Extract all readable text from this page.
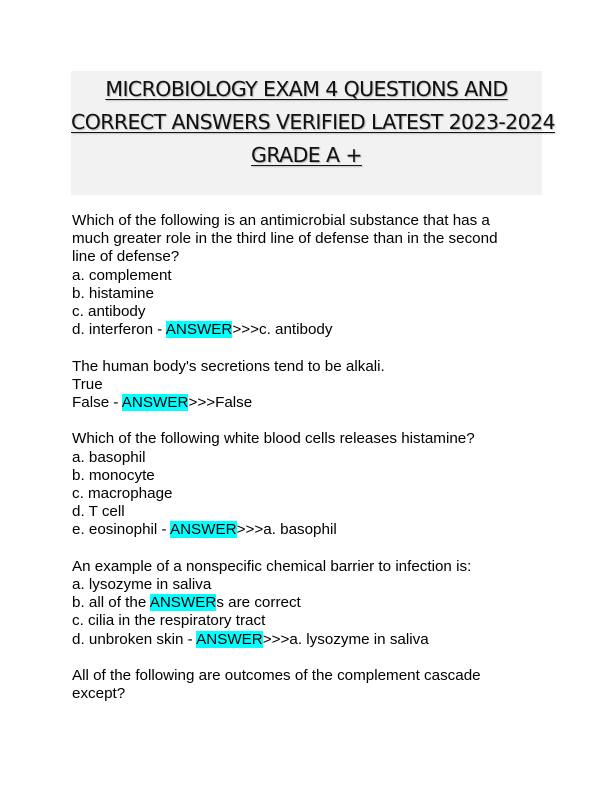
MICROBIOLOGY EXAM 4 QUESTIONS AND
CORRECT ANSWERS VERIFIED LATEST 2023-2024
GRADE A +
Which of the following is an antimicrobial substance that has a
much greater role in the third line of defense than in the second
line of defense?
a. complement
b. histamine
c. antibody
d. interferon - ANSWER>>>c. antibody
The human body's secretions tend to be alkali.
True
False - ANSWER>>>False
Which of the following white blood cells releases histamine?
a. basophil
b. monocyte
c. macrophage
d. T cell
e. eosinophil - ANSWER>>>a. basophil
An example of a nonspecific chemical barrier to infection is:
a. lysozyme in saliva
b. all of the ANSWERs are correct
c. cilia in the respiratory tract
d. unbroken skin - ANSWER>>>a. lysozyme in saliva
All of the following are outcomes of the complement cascade
except?
